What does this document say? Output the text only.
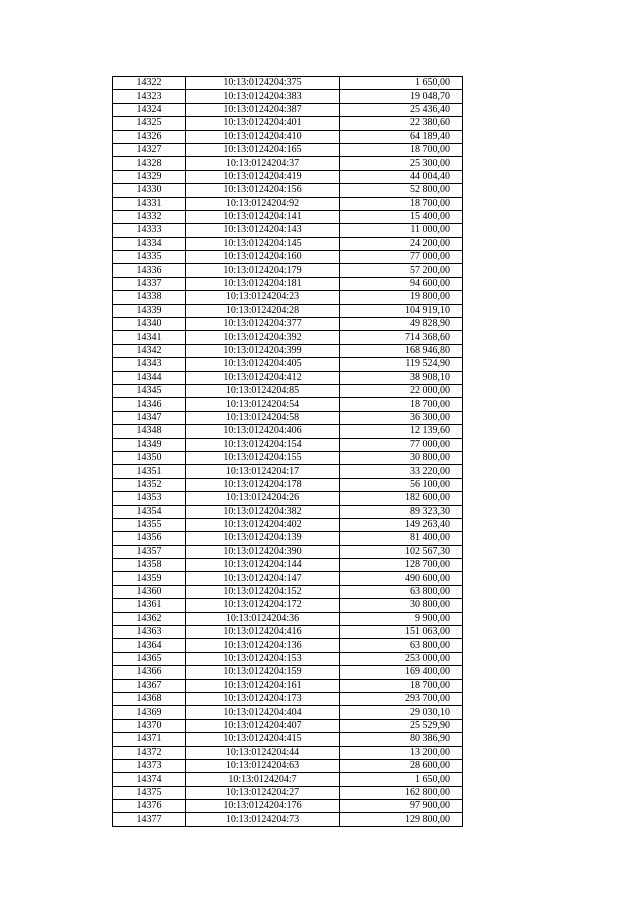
14322	10:13:0124204:375	1 650,00
14323	10:13:0124204:383	19 048,70
14324	10:13:0124204:387	25 436,40
14325	10:13:0124204:401	22 380,60
14326	10:13:0124204:410	64 189,40
14327	10:13:0124204:165	18 700,00
14328	10:13:0124204:37	25 300,00
14329	10:13:0124204:419	44 004,40
14330	10:13:0124204:156	52 800,00
14331	10:13:0124204:92	18 700,00
14332	10:13:0124204:141	15 400,00
14333	10:13:0124204:143	11 000,00
14334	10:13:0124204:145	24 200,00
14335	10:13:0124204:160	77 000,00
14336	10:13:0124204:179	57 200,00
14337	10:13:0124204:181	94 600,00
14338	10:13:0124204:23	19 800,00
14339	10:13:0124204:28	104 919,10
14340	10:13:0124204:377	49 828,90
14341	10:13:0124204:392	714 368,60
14342	10:13:0124204:399	168 946,80
14343	10:13:0124204:405	119 524,90
14344	10:13:0124204:412	38 908,10
14345	10:13:0124204:85	22 000,00
14346	10:13:0124204:54	18 700,00
14347	10:13:0124204:58	36 300,00
14348	10:13:0124204:406	12 139,60
14349	10:13:0124204:154	77 000,00
14350	10:13:0124204:155	30 800,00
14351	10:13:0124204:17	33 220,00
14352	10:13:0124204:178	56 100,00
14353	10:13:0124204:26	182 600,00
14354	10:13:0124204:382	89 323,30
14355	10:13:0124204:402	149 263,40
14356	10:13:0124204:139	81 400,00
14357	10:13:0124204:390	102 567,30
14358	10:13:0124204:144	128 700,00
14359	10:13:0124204:147	490 600,00
14360	10:13:0124204:152	63 800,00
14361	10:13:0124204:172	30 800,00
14362	10:13:0124204:36	9 900,00
14363	10:13:0124204:416	151 063,00
14364	10:13:0124204:136	63 800,00
14365	10:13:0124204:153	253 000,00
14366	10:13:0124204:159	169 400,00
14367	10:13:0124204:161	18 700,00
14368	10:13:0124204:173	293 700,00
14369	10:13:0124204:404	29 030,10
14370	10:13:0124204:407	25 529,90
14371	10:13:0124204:415	80 386,90
14372	10:13:0124204:44	13 200,00
14373	10:13:0124204:63	28 600,00
14374	10:13:0124204:7	1 650,00
14375	10:13:0124204:27	162 800,00
14376	10:13:0124204:176	97 900,00
14377	10:13:0124204:73	129 800,00
